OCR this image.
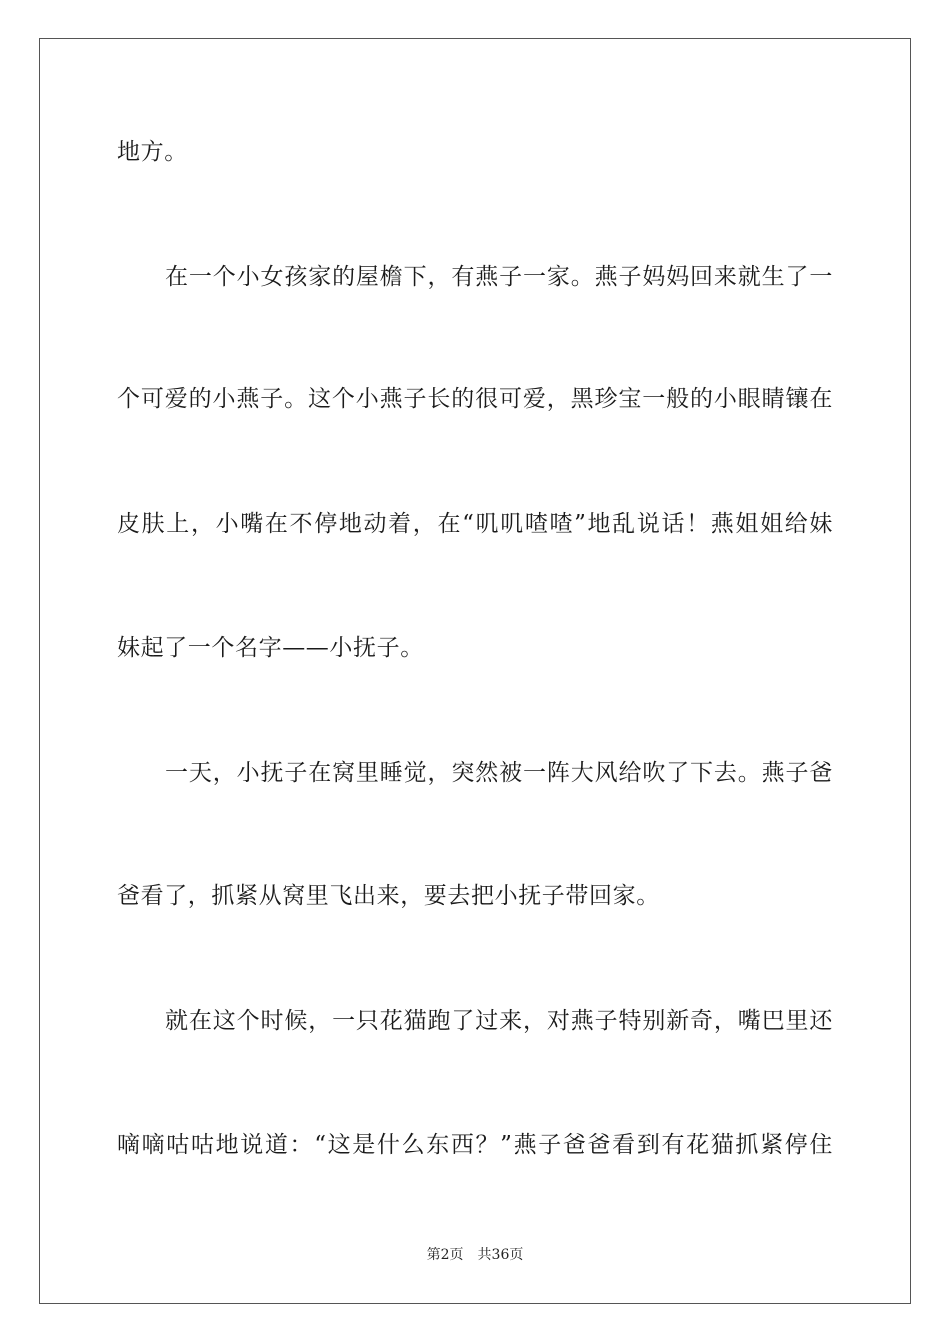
地方。
在一个小女孩家的屋檐下，有燕子一家。燕子妈妈回来就生了一
个可爱的小燕子。这个小燕子长的很可爱，黑珍宝一般的小眼睛镶在
皮肤上，小嘴在不停地动着，在“叽叽喳喳”地乱说话！燕姐姐给妹
妹起了一个名字——小抚子。
一天，小抚子在窝里睡觉，突然被一阵大风给吹了下去。燕子爸
爸看了，抓紧从窝里飞出来，要去把小抚子带回家。
就在这个时候，一只花猫跑了过来，对燕子特别新奇，嘴巴里还
嘀嘀咕咕地说道：“这是什么东西？”燕子爸爸看到有花猫抓紧停住
第2页　共36页
